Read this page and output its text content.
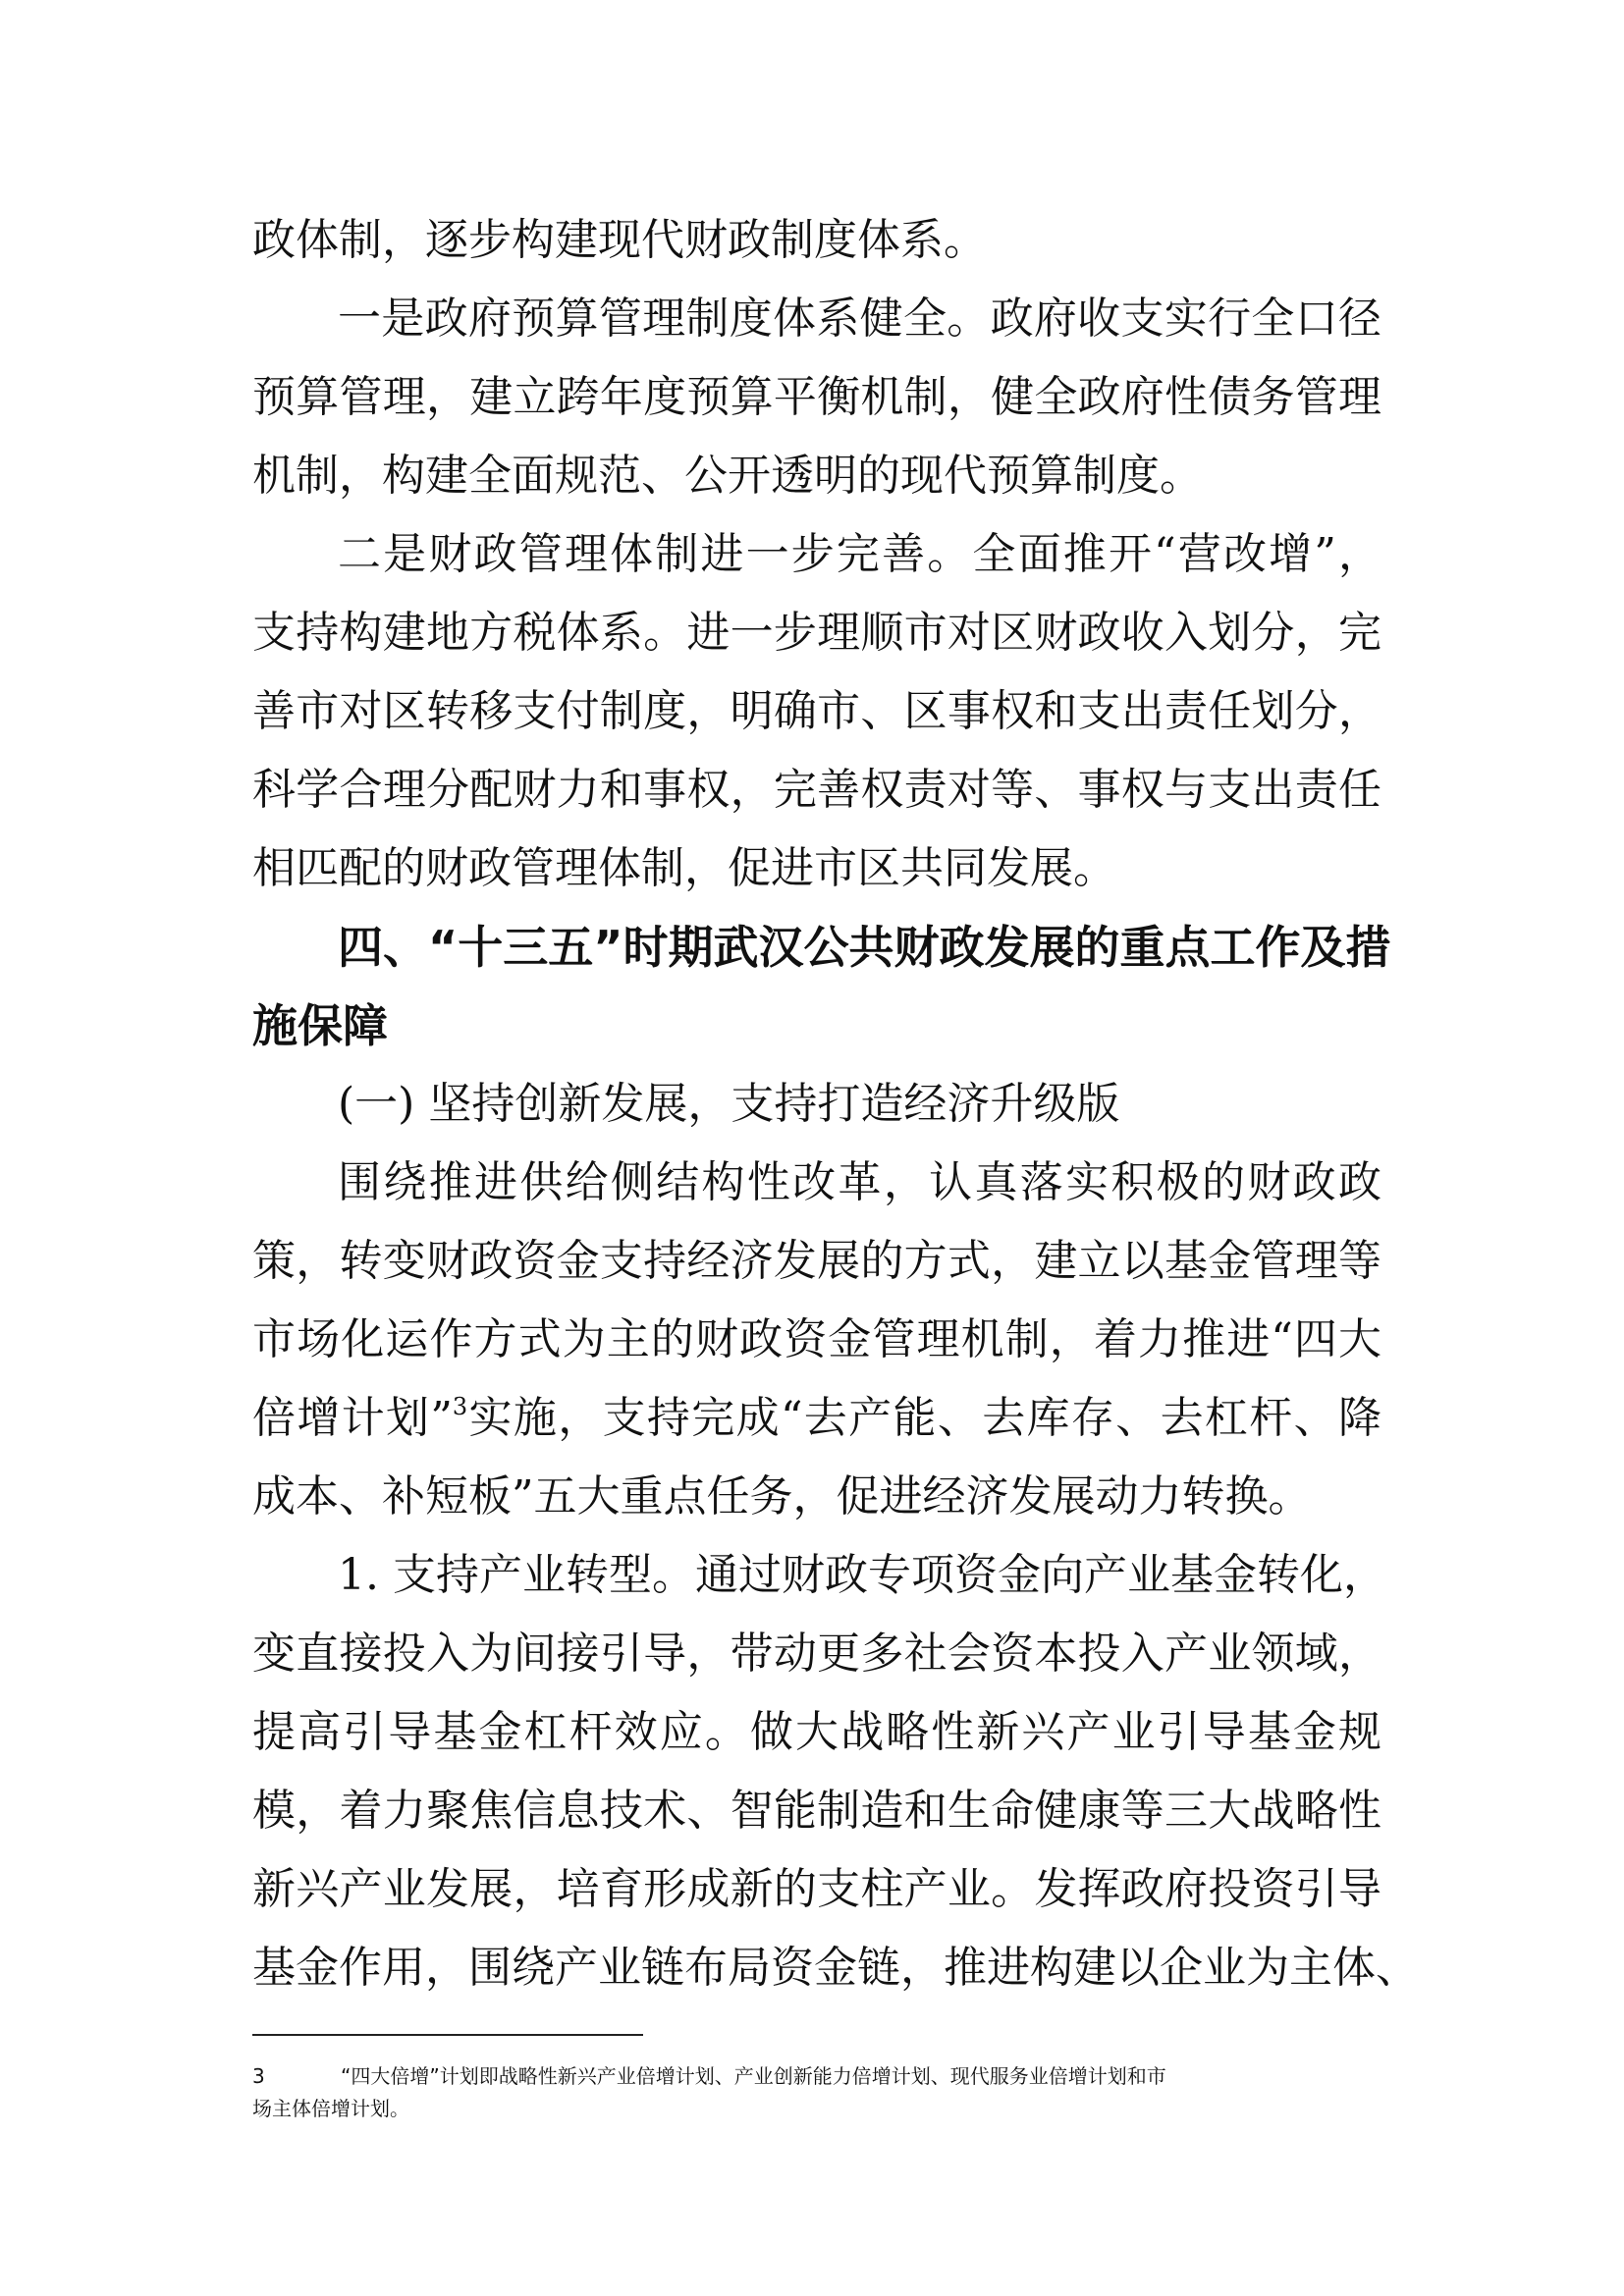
政体制，逐步构建现代财政制度体系。
一是政府预算管理制度体系健全。政府收支实行全口径
预算管理，建立跨年度预算平衡机制，健全政府性债务管理
机制，构建全面规范、公开透明的现代预算制度。
二是财政管理体制进一步完善。全面推开“营改增”，
支持构建地方税体系。进一步理顺市对区财政收入划分，完
善市对区转移支付制度，明确市、区事权和支出责任划分，
科学合理分配财力和事权，完善权责对等、事权与支出责任
相匹配的财政管理体制，促进市区共同发展。
四、“十三五”时期武汉公共财政发展的重点工作及措
施保障
(一) 坚持创新发展，支持打造经济升级版
围绕推进供给侧结构性改革，认真落实积极的财政政
策，转变财政资金支持经济发展的方式，建立以基金管理等
市场化运作方式为主的财政资金管理机制，着力推进“四大
倍增计划”$^3$实施，支持完成“去产能、去库存、去杠杆、降
成本、补短板”五大重点任务，促进经济发展动力转换。
1. 支持产业转型。通过财政专项资金向产业基金转化，
变直接投入为间接引导，带动更多社会资本投入产业领域，
提高引导基金杠杆效应。做大战略性新兴产业引导基金规
模，着力聚焦信息技术、智能制造和生命健康等三大战略性
新兴产业发展，培育形成新的支柱产业。发挥政府投资引导
基金作用，围绕产业链布局资金链，推进构建以企业为主体、
3	“四大倍增”计划即战略性新兴产业倍增计划、产业创新能力倍增计划、现代服务业倍增计划和市
场主体倍增计划。
